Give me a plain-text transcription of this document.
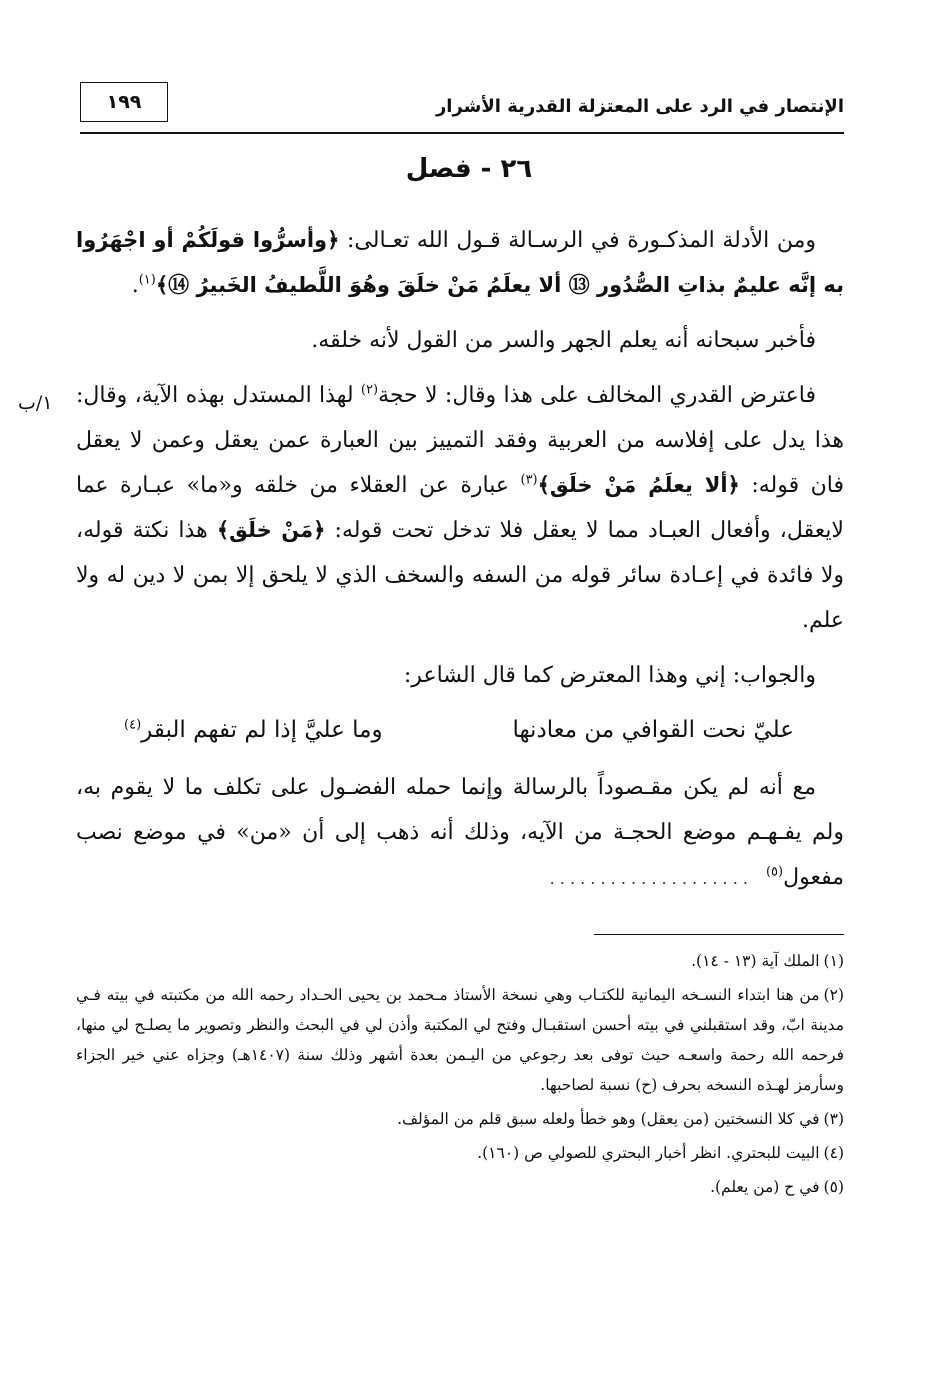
الإنتصار في الرد على المعتزلة القدرية الأشرار
١٩٩
٢٦ - فصل
١/ب

ومن الأدلة المذكـورة في الرسـالة قـول الله تعـالى: ﴿وأسرُّوا قولَكُمْ أو اجْهَرُوا به إنَّه عليمٌ بذاتِ الصُّدُور ⑬ ألا يعلَمُ مَنْ خلَقَ وهُوَ اللَّطيفُ الخَبيرُ ⑭﴾$^{(١)}$.

فأخبر سبحانه أنه يعلم الجهر والسر من القول لأنه خلقه.

فاعترض القدري المخالف على هذا وقال: لا حجة$^{(٢)}$ لهذا المستدل بهذه الآية، وقال: هذا يدل على إفلاسه من العربية وفقد التمييز بين العبارة عمن يعقل وعمن لا يعقل فان قوله: ﴿ألا يعلَمُ مَنْ خلَق﴾$^{(٣)}$ عبارة عن العقلاء من خلقه و«ما» عبـارة عما لايعقل، وأفعال العبـاد مما لا يعقل فلا تدخل تحت قوله: ﴿مَنْ خلَق﴾ هذا نكتة قوله، ولا فائدة في إعـادة سائر قوله من السفه والسخف الذي لا يلحق إلا بمن لا دين له ولا علم.

والجواب: إني وهذا المعترض كما قال الشاعر:

عليّ نحت القوافي من معادنها
وما عليَّ إذا لم تفهم البقر$^{(٤)}$

مع أنه لم يكن مقـصوداً بالرسالة وإنما حمله الفضـول على تكلف ما لا يقوم به، ولم يفـهـم موضع الحجـة من الآيه، وذلك أنه ذهب إلى أن «من» في موضع نصب مفعول$^{(٥)}$. . . . . . . . . . . . . . . . . . . .

(١)الملك آية (١٣ - ١٤).
(٢)من هنا ابتداء النسـخه اليمانية للكتـاب وهي نسخة الأستاذ مـحمد بن يحيى الحـداد رحمه الله من مكتبته في بيته فـي مدينة ابّ، وقد استقبلني في بيته أحسن استقبـال وفتح لي المكتبة وأذن لي في البحث والنظر وتصوير ما يصلـح لي منها، فرحمه الله رحمة واسعـه حيث توفى بعد رجوعي من اليـمن بعدة أشهر وذلك سنة (١٤٠٧هـ) وجزاه عني خير الجزاء وسأرمز لهـذه النسخه بحرف (ح) نسبة لصاحبها.
(٣)في كلا النسختين (من يعقل) وهو خطأ ولعله سبق قلم من المؤلف.
(٤)البيت للبحتري. انظر أخبار البحتري للصولي ص (١٦٠).
(٥)في ح (من يعلم).
